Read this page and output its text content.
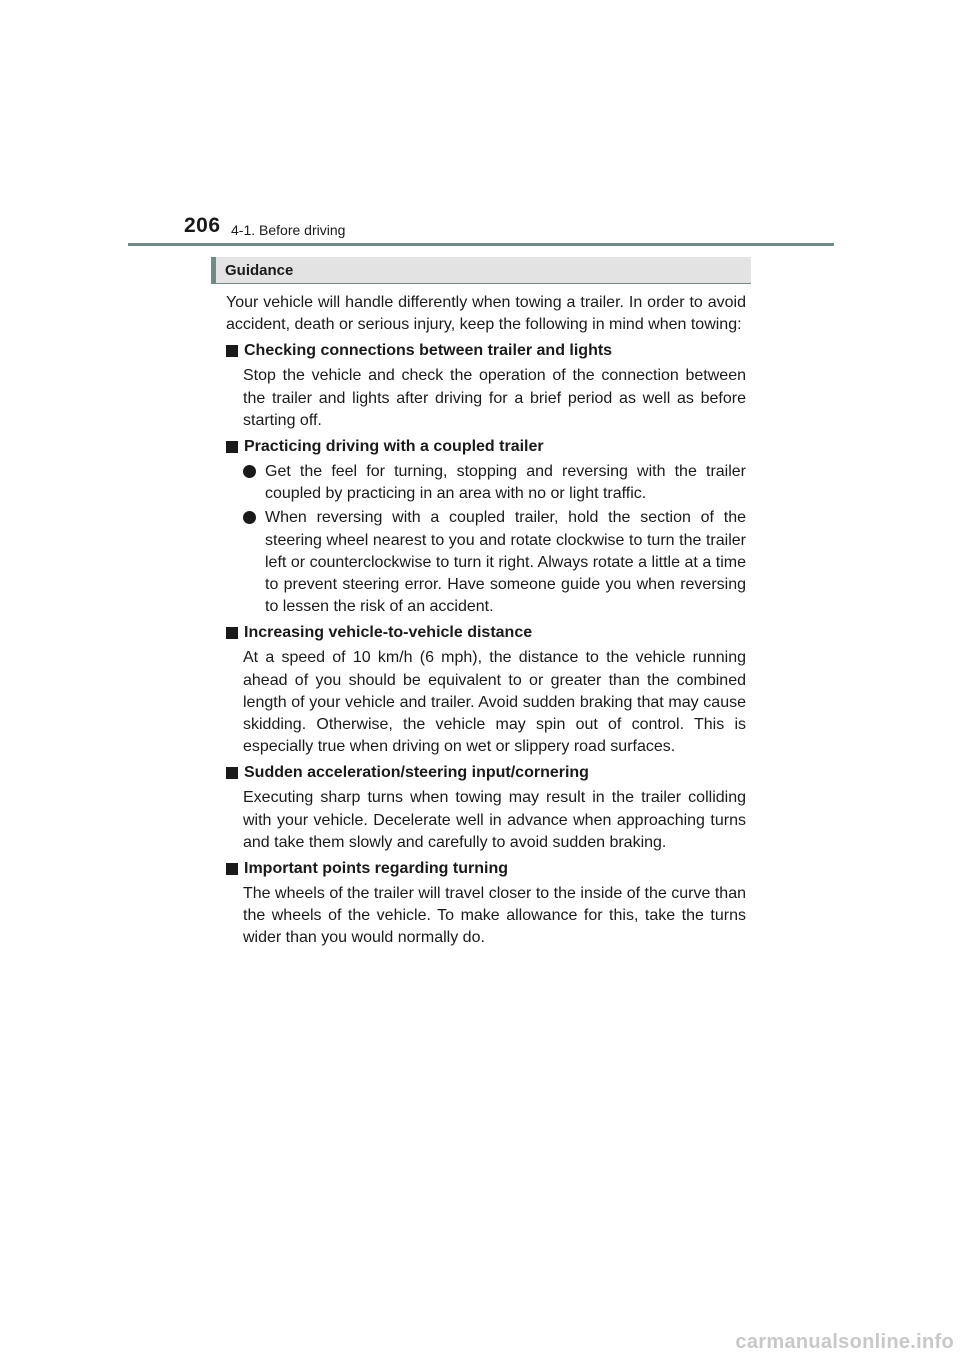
206 4-1. Before driving
Guidance

Your vehicle will handle differently when towing a trailer. In order to avoid accident, death or serious injury, keep the following in mind when towing:

Checking connections between trailer and lights

Stop the vehicle and check the operation of the connection between the trailer and lights after driving for a brief period as well as before starting off.

Practicing driving with a coupled trailer

Get the feel for turning, stopping and reversing with the trailer coupled by practicing in an area with no or light traffic.

When reversing with a coupled trailer, hold the section of the steering wheel nearest to you and rotate clockwise to turn the trailer left or counterclockwise to turn it right. Always rotate a little at a time to prevent steering error. Have someone guide you when reversing to lessen the risk of an accident.

Increasing vehicle-to-vehicle distance

At a speed of 10 km/h (6 mph), the distance to the vehicle running ahead of you should be equivalent to or greater than the combined length of your vehicle and trailer. Avoid sudden braking that may cause skidding. Otherwise, the vehicle may spin out of control. This is especially true when driving on wet or slippery road surfaces.

Sudden acceleration/steering input/cornering

Executing sharp turns when towing may result in the trailer colliding with your vehicle. Decelerate well in advance when approaching turns and take them slowly and carefully to avoid sudden braking.

Important points regarding turning

The wheels of the trailer will travel closer to the inside of the curve than the wheels of the vehicle. To make allowance for this, take the turns wider than you would normally do.

carmanualsonline.info
